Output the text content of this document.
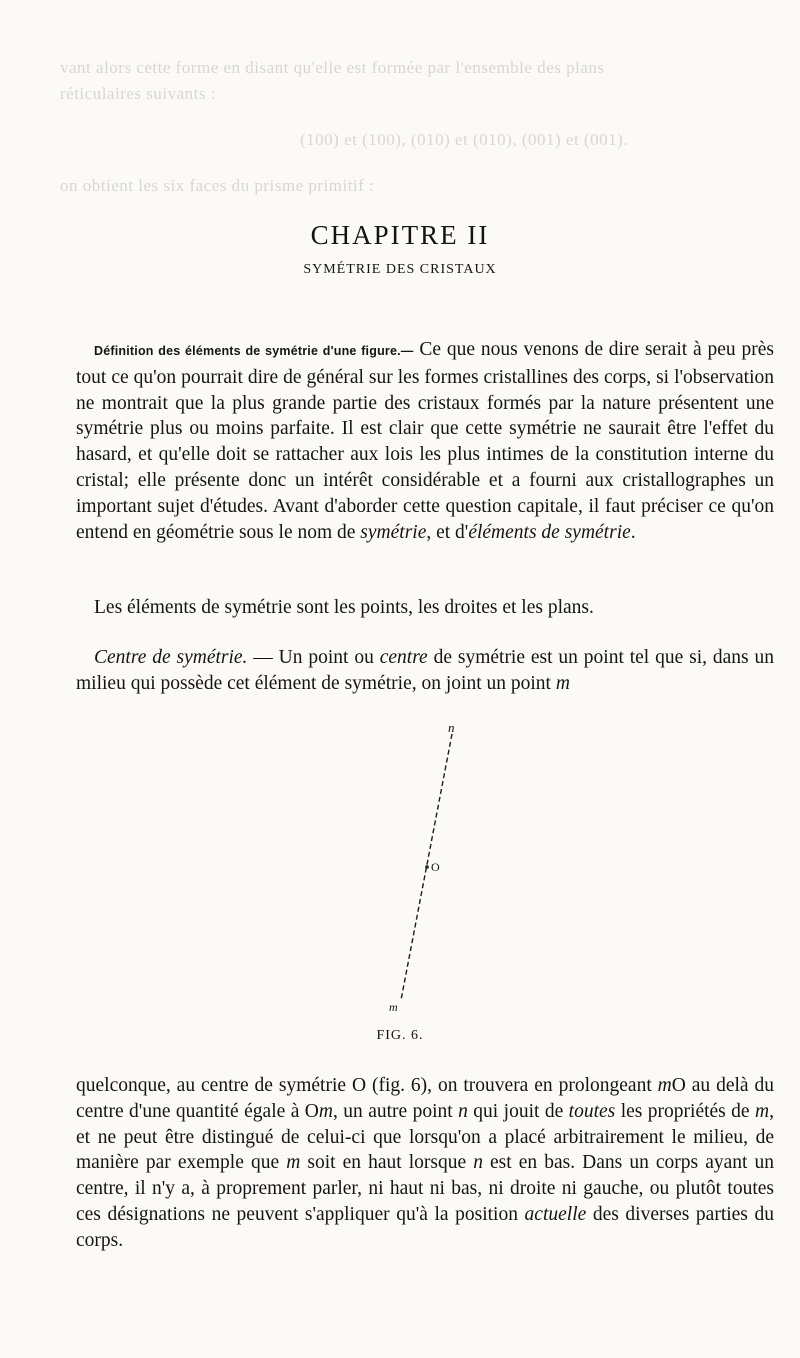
vant alors cette forme en disant qu'elle est formée par l'ensemble des plans
réticulaires suivants :
(100) et (100), (010) et (010), (001) et (001).
on obtient les six faces du prisme primitif :
CHAPITRE II
SYMÉTRIE DES CRISTAUX

Définition des éléments de symétrie d'une figure.— Ce que nous venons de dire serait à peu près tout ce qu'on pourrait dire de général sur les formes cristallines des corps, si l'observation ne montrait que la plus grande partie des cristaux formés par la nature présentent une symétrie plus ou moins parfaite. Il est clair que cette symétrie ne saurait être l'effet du hasard, et qu'elle doit se rattacher aux lois les plus intimes de la constitution interne du cristal; elle présente donc un intérêt considérable et a fourni aux cristallographes un important sujet d'études. Avant d'aborder cette question capitale, il faut préciser ce qu'on entend en géométrie sous le nom de symétrie, et d'éléments de symétrie.

Les éléments de symétrie sont les points, les droites et les plans.

Centre de symétrie. — Un point ou centre de symétrie est un point tel que si, dans un milieu qui possède cet élément de symétrie, on joint un point m

n
O
m
FIG. 6.

quelconque, au centre de symétrie O (fig. 6), on trouvera en prolongeant mO au delà du centre d'une quantité égale à Om, un autre point n qui jouit de toutes les propriétés de m, et ne peut être distingué de celui-ci que lorsqu'on a placé arbitrairement le milieu, de manière par exemple que m soit en haut lorsque n est en bas. Dans un corps ayant un centre, il n'y a, à proprement parler, ni haut ni bas, ni droite ni gauche, ou plutôt toutes ces désignations ne peuvent s'appliquer qu'à la position actuelle des diverses parties du corps.
